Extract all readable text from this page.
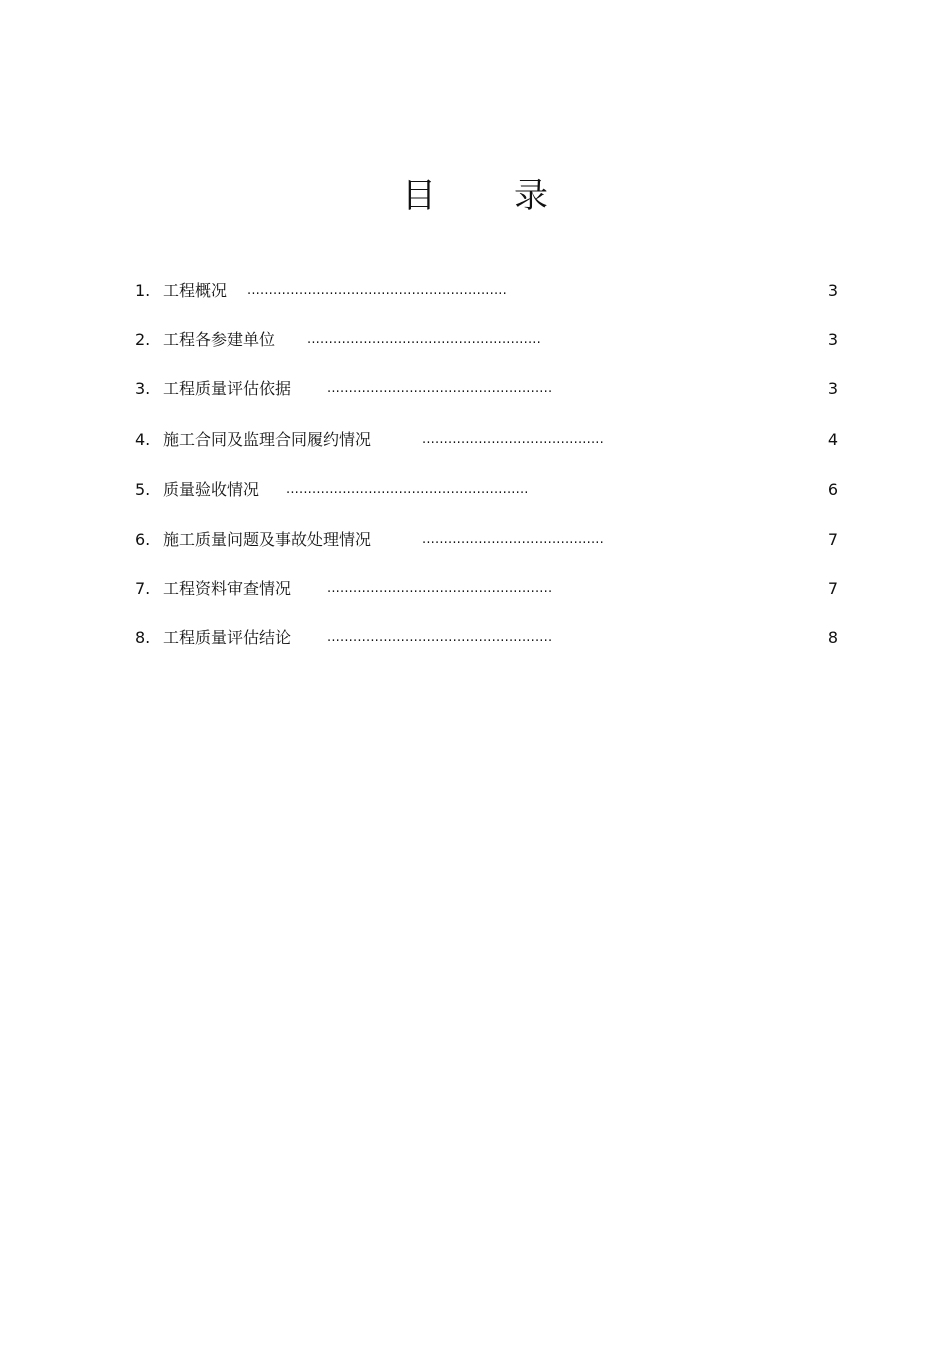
目 录
1. 工程概况 ............................................................	3
2. 工程各参建单位 ......................................................	3
3. 工程质量评估依据	....................................................	3
4. 施工合同及监理合同履约情况	..........................................	4
5. 质量验收情况 ........................................................	6
6. 施工质量问题及事故处理情况	..........................................	7
7. 工程资料审查情况	....................................................	7
8. 工程质量评估结论	....................................................	8
